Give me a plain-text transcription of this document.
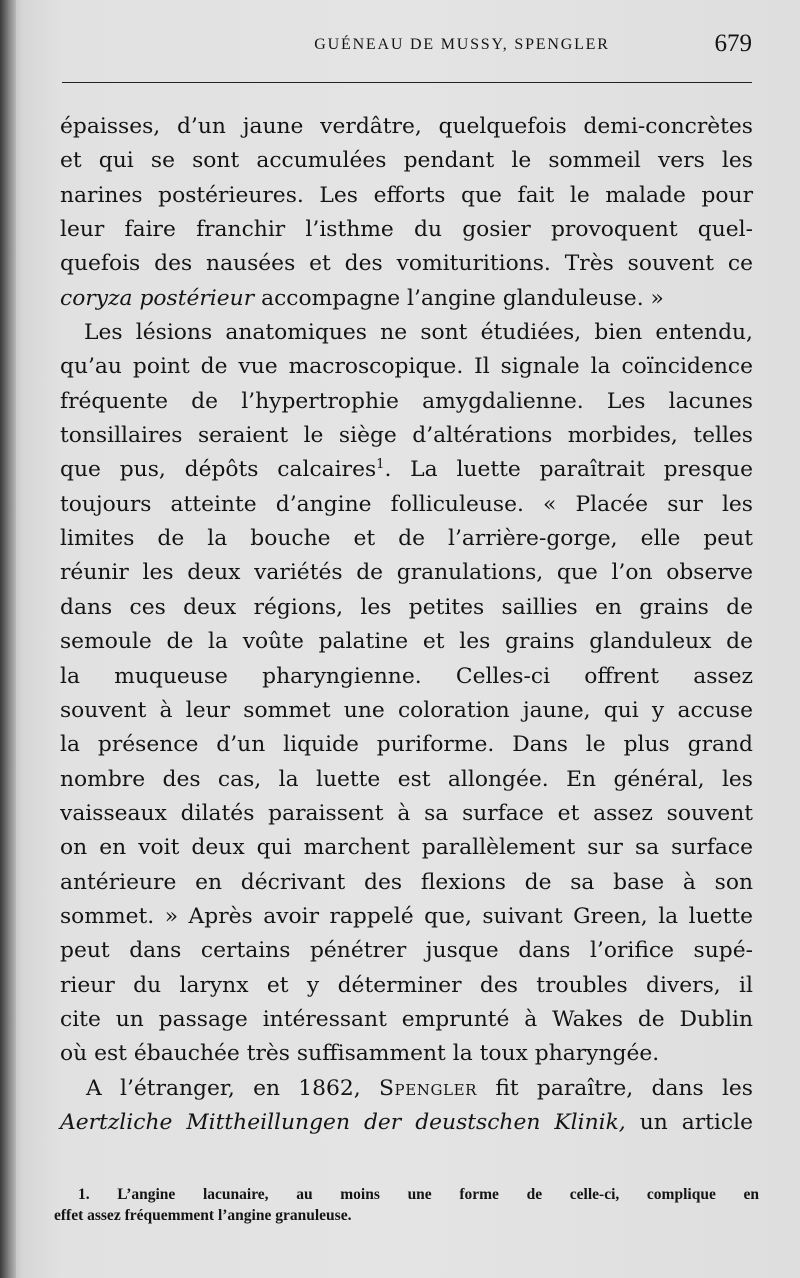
GUÉNEAU DE MUSSY, SPENGLER	679
épaisses, d’un jaune verdâtre, quelquefois demi-concrètes
et qui se sont accumulées pendant le sommeil vers les
narines postérieures. Les efforts que fait le malade pour
leur faire franchir l’isthme du gosier provoquent quel-
quefois des nausées et des vomituritions. Très souvent ce
coryza postérieur accompagne l’angine glanduleuse. »
Les lésions anatomiques ne sont étudiées, bien entendu,
qu’au point de vue macroscopique. Il signale la coïncidence
fréquente de l’hypertrophie amygdalienne. Les lacunes
tonsillaires seraient le siège d’altérations morbides, telles
que pus, dépôts calcaires$^1$. La luette paraîtrait presque
toujours atteinte d’angine folliculeuse. « Placée sur les
limites de la bouche et de l’arrière-gorge, elle peut
réunir les deux variétés de granulations, que l’on observe
dans ces deux régions, les petites saillies en grains de
semoule de la voûte palatine et les grains glanduleux de
la muqueuse pharyngienne. Celles-ci offrent assez
souvent à leur sommet une coloration jaune, qui y accuse
la présence d’un liquide puriforme. Dans le plus grand
nombre des cas, la luette est allongée. En général, les
vaisseaux dilatés paraissent à sa surface et assez souvent
on en voit deux qui marchent parallèlement sur sa surface
antérieure en décrivant des flexions de sa base à son
sommet. » Après avoir rappelé que, suivant Green, la luette
peut dans certains pénétrer jusque dans l’orifice supé-
rieur du larynx et y déterminer des troubles divers, il
cite un passage intéressant emprunté à Wakes de Dublin
où est ébauchée très suffisamment la toux pharyngée.
A l’étranger, en 1862, Spengler fit paraître, dans les
Aertzliche Mittheillungen der deustschen Klinik, un article
1. L’angine lacunaire, au moins une forme de celle-ci, complique en
effet assez fréquemment l’angine granuleuse.
